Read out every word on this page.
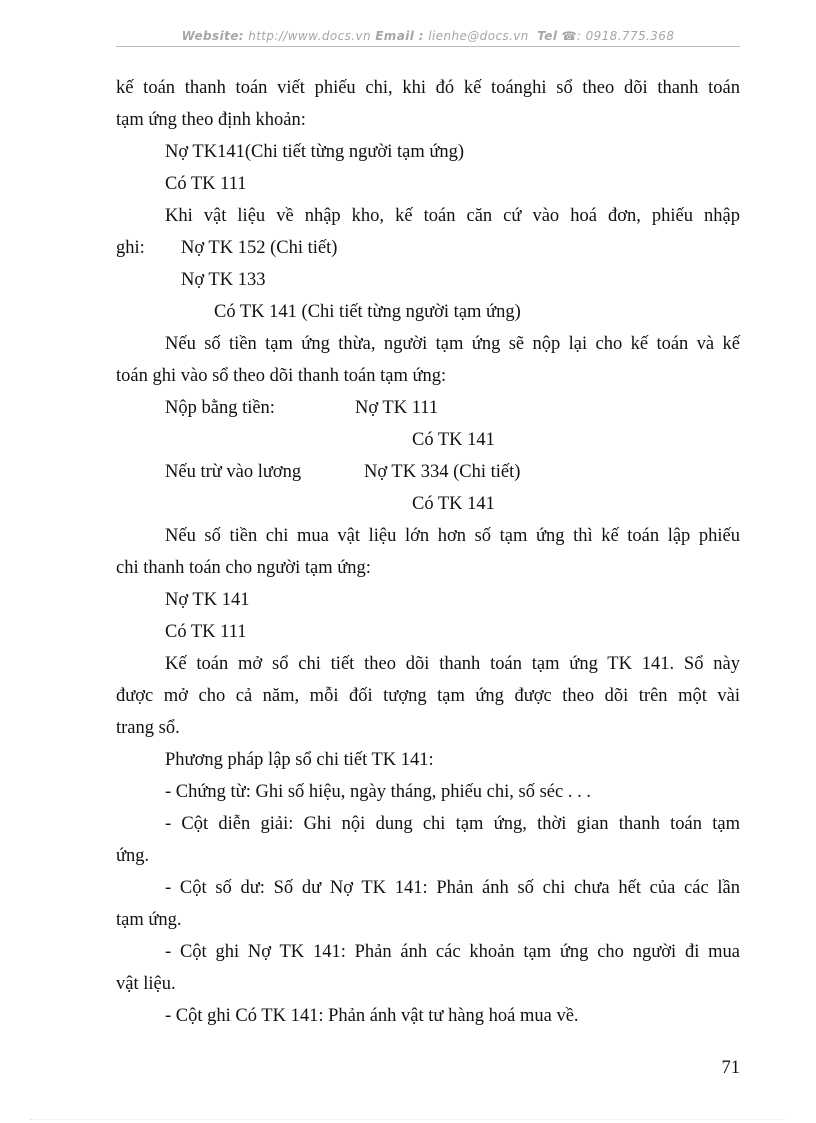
Website: http://www.docs.vn Email : lienhe@docs.vn Tel ☎: 0918.775.368

kế toán thanh toán viết phiếu chi, khi đó kế toánghi sổ theo dõi thanh toán

tạm ứng theo định khoản:

Nợ TK141(Chi tiết từng người tạm ứng)

Có TK 111

Khi vật liệu về nhập kho, kế toán căn cứ vào hoá đơn, phiếu nhập

ghi: Nợ TK 152 (Chi tiết)

Nợ TK 133

Có TK 141 (Chi tiết từng người tạm ứng)

Nếu số tiền tạm ứng thừa, người tạm ứng sẽ nộp lại cho kế toán và kế

toán ghi vào sổ theo dõi thanh toán tạm ứng:

Nộp bằng tiền:	Nợ TK 111

Có TK 141

Nếu trừ vào lương	Nợ TK 334 (Chi tiết)

Có TK 141

Nếu số tiền chi mua vật liệu lớn hơn số tạm ứng thì kế toán lập phiếu

chi thanh toán cho người tạm ứng:

Nợ TK 141

Có TK 111

Kế toán mở sổ chi tiết theo dõi thanh toán tạm ứng TK 141. Sổ này

được mở cho cả năm, mỗi đối tượng tạm ứng được theo dõi trên một vài

trang sổ.

Phương pháp lập sổ chi tiết TK 141:

- Chứng từ: Ghi số hiệu, ngày tháng, phiếu chi, số séc . . .

- Cột diễn giải: Ghi nội dung chi tạm ứng, thời gian thanh toán tạm

ứng.

- Cột số dư: Số dư Nợ TK 141: Phản ánh số chi chưa hết của các lần

tạm ứng.

- Cột ghi Nợ TK 141: Phản ánh các khoản tạm ứng cho người đi mua

vật liệu.

- Cột ghi Có TK 141: Phản ánh vật tư hàng hoá mua về.

71
